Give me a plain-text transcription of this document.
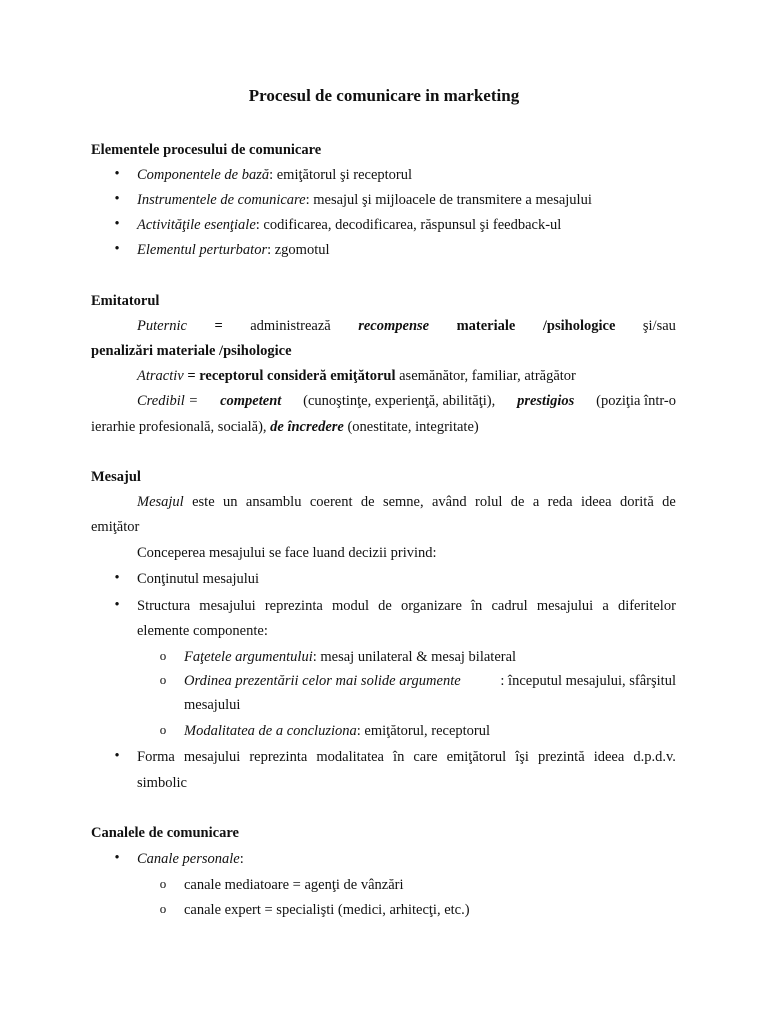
Procesul de comunicare in marketing
Elementele procesului de comunicare
• Componentele de bază: emiţătorul şi receptorul
• Instrumentele de comunicare: mesajul şi mijloacele de transmitere a mesajului
• Activităţile esenţiale: codificarea, decodificarea, răspunsul şi feedback-ul
• Elementul perturbator: zgomotul
Emitatorul
Puternic = administrează recompense materiale /psihologice şi/sau
penalizări materiale /psihologice
Atractiv = receptorul consideră emiţătorul asemănător, familiar, atrăgător
Credibil = competent (cunoştinţe, experienţă, abilităţi), prestigios (poziţia într-o
ierarhie profesională, socială), de încredere (onestitate, integritate)
Mesajul
Mesajul este un ansamblu coerent de semne, având rolul de a reda ideea dorită de
emiţător
Conceperea mesajului se face luand decizii privind:
• Conţinutul mesajului
• Structura mesajului reprezinta modul de organizare în cadrul mesajului a diferitelor
elemente componente:
o Faţetele argumentului: mesaj unilateral & mesaj bilateral
o Ordinea prezentării celor mai solide argumente	: începutul mesajului, sfârşitul
mesajului
o Modalitatea de a concluziona: emiţătorul, receptorul
• Forma mesajului reprezinta modalitatea în care emiţătorul îşi prezintă ideea d.p.d.v.
simbolic
Canalele de comunicare
• Canale personale:
o canale mediatoare = agenţi de vânzări
o canale expert = specialişti (medici, arhitecţi, etc.)
